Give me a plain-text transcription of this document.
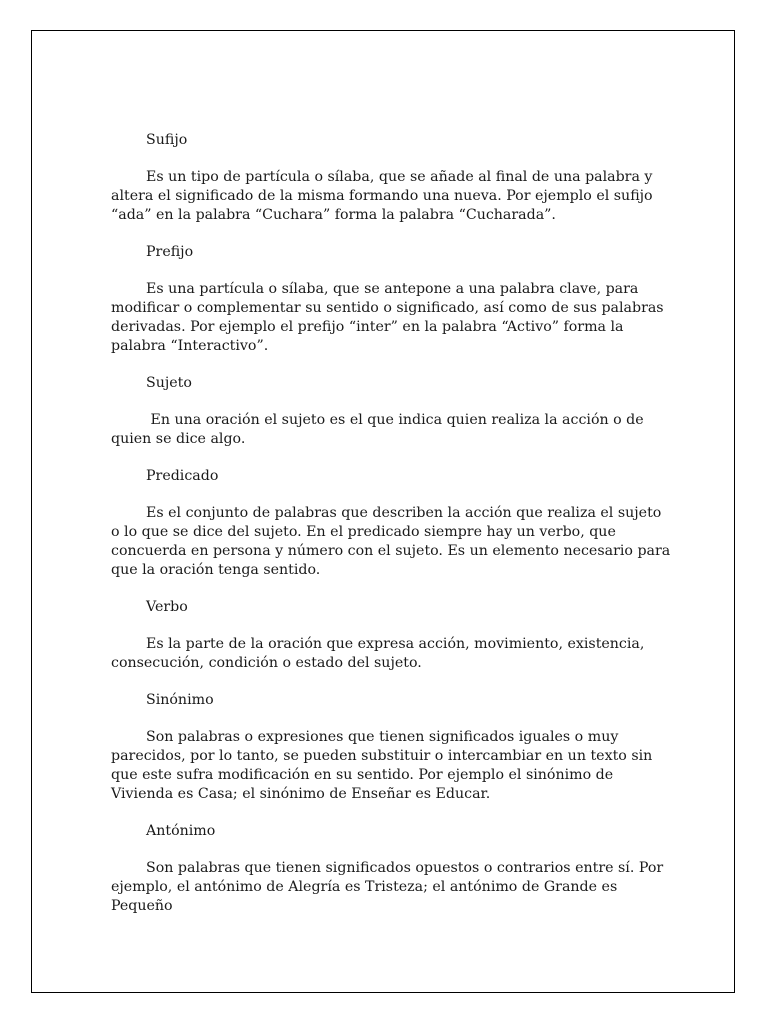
Sufijo

Es un tipo de partícula o sílaba, que se añade al final de una palabra y altera el significado de la misma formando una nueva. Por ejemplo el sufijo “ada” en la palabra “Cuchara” forma la palabra “Cucharada”.

Prefijo

Es una partícula o sílaba, que se antepone a una palabra clave, para modificar o complementar su sentido o significado, así como de sus palabras derivadas. Por ejemplo el prefijo “inter” en la palabra “Activo” forma la palabra “Interactivo”.

Sujeto

En una oración el sujeto es el que indica quien realiza la acción o de quien se dice algo.

Predicado

Es el conjunto de palabras que describen la acción que realiza el sujeto o lo que se dice del sujeto. En el predicado siempre hay un verbo, que concuerda en persona y número con el sujeto. Es un elemento necesario para que la oración tenga sentido.

Verbo

Es la parte de la oración que expresa acción, movimiento, existencia, consecución, condición o estado del sujeto.

Sinónimo

Son palabras o expresiones que tienen significados iguales o muy parecidos, por lo tanto, se pueden substituir o intercambiar en un texto sin que este sufra modificación en su sentido. Por ejemplo el sinónimo de Vivienda es Casa; el sinónimo de Enseñar es Educar.

Antónimo

Son palabras que tienen significados opuestos o contrarios entre sí. Por ejemplo, el antónimo de Alegría es Tristeza; el antónimo de Grande es Pequeño
